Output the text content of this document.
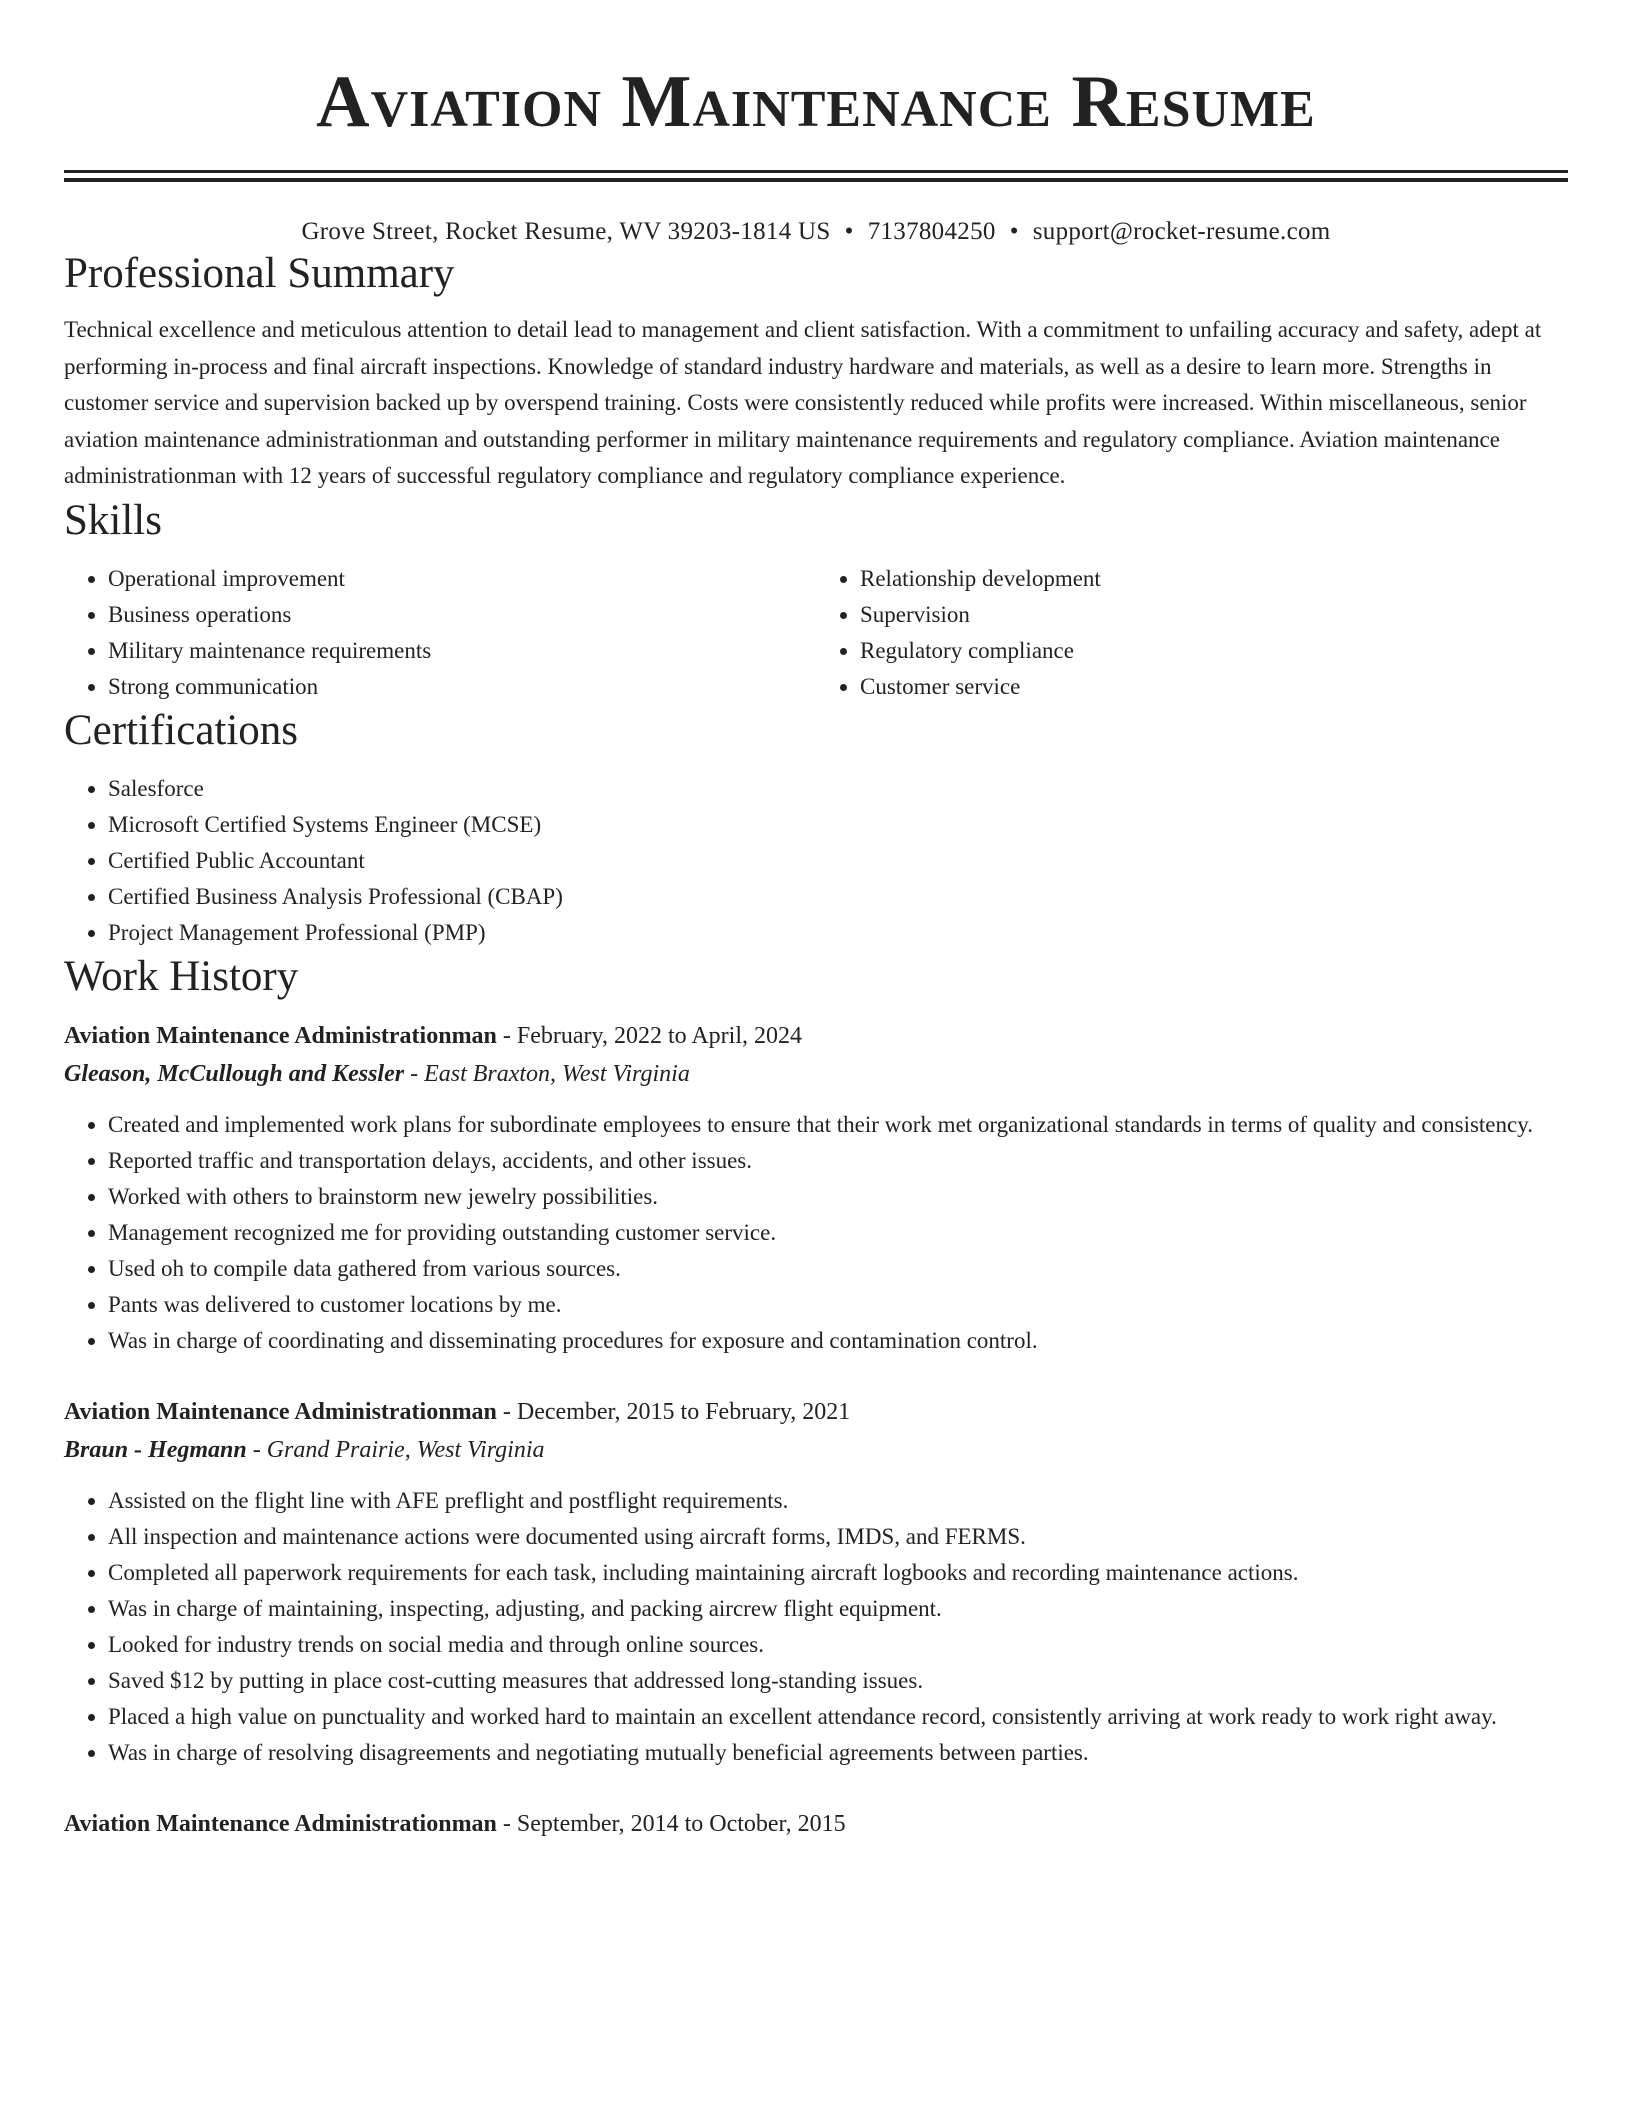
Aviation Maintenance Resume
Grove Street, Rocket Resume, WV 39203-1814 US • 7137804250 • support@rocket-resume.com
Professional Summary
Technical excellence and meticulous attention to detail lead to management and client satisfaction. With a commitment to unfailing accuracy and safety, adept at performing in-process and final aircraft inspections. Knowledge of standard industry hardware and materials, as well as a desire to learn more. Strengths in customer service and supervision backed up by overspend training. Costs were consistently reduced while profits were increased. Within miscellaneous, senior aviation maintenance administrationman and outstanding performer in military maintenance requirements and regulatory compliance. Aviation maintenance administrationman with 12 years of successful regulatory compliance and regulatory compliance experience.
Skills
• Operational improvement
• Business operations
• Military maintenance requirements
• Strong communication
• Relationship development
• Supervision
• Regulatory compliance
• Customer service
Certifications
• Salesforce
• Microsoft Certified Systems Engineer (MCSE)
• Certified Public Accountant
• Certified Business Analysis Professional (CBAP)
• Project Management Professional (PMP)
Work History
Aviation Maintenance Administrationman - February, 2022 to April, 2024
Gleason, McCullough and Kessler - East Braxton, West Virginia
• Created and implemented work plans for subordinate employees to ensure that their work met organizational standards in terms of quality and consistency.
• Reported traffic and transportation delays, accidents, and other issues.
• Worked with others to brainstorm new jewelry possibilities.
• Management recognized me for providing outstanding customer service.
• Used oh to compile data gathered from various sources.
• Pants was delivered to customer locations by me.
• Was in charge of coordinating and disseminating procedures for exposure and contamination control.
Aviation Maintenance Administrationman - December, 2015 to February, 2021
Braun - Hegmann - Grand Prairie, West Virginia
• Assisted on the flight line with AFE preflight and postflight requirements.
• All inspection and maintenance actions were documented using aircraft forms, IMDS, and FERMS.
• Completed all paperwork requirements for each task, including maintaining aircraft logbooks and recording maintenance actions.
• Was in charge of maintaining, inspecting, adjusting, and packing aircrew flight equipment.
• Looked for industry trends on social media and through online sources.
• Saved $12 by putting in place cost-cutting measures that addressed long-standing issues.
• Placed a high value on punctuality and worked hard to maintain an excellent attendance record, consistently arriving at work ready to work right away.
• Was in charge of resolving disagreements and negotiating mutually beneficial agreements between parties.
Aviation Maintenance Administrationman - September, 2014 to October, 2015
